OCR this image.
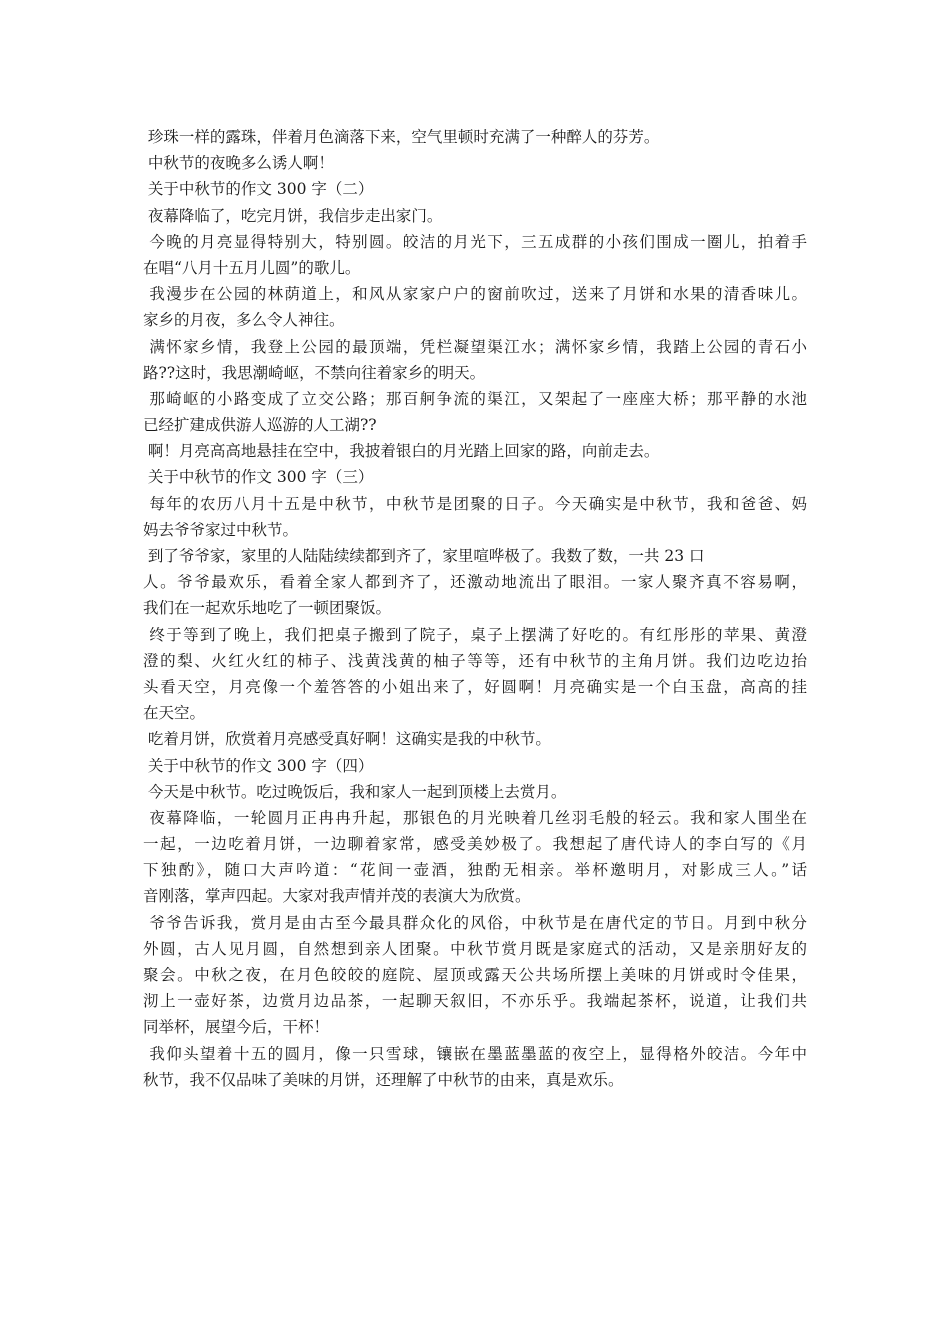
珍珠一样的露珠，伴着月色滴落下来，空气里顿时充满了一种醉人的芬芳。
中秋节的夜晚多么诱人啊！
关于中秋节的作文 300 字（二）
夜幕降临了，吃完月饼，我信步走出家门。
今晚的月亮显得特别大，特别圆。皎洁的月光下，三五成群的小孩们围成一圈儿，拍着手
在唱“八月十五月儿圆”的歌儿。
我漫步在公园的林荫道上，和风从家家户户的窗前吹过，送来了月饼和水果的清香味儿。
家乡的月夜，多么令人神往。
满怀家乡情，我登上公园的最顶端，凭栏凝望渠江水；满怀家乡情，我踏上公园的青石小
路??这时，我思潮崎岖，不禁向往着家乡的明天。
那崎岖的小路变成了立交公路；那百舸争流的渠江，又架起了一座座大桥；那平静的水池
已经扩建成供游人巡游的人工湖??
啊！月亮高高地悬挂在空中，我披着银白的月光踏上回家的路，向前走去。
关于中秋节的作文 300 字（三）
每年的农历八月十五是中秋节，中秋节是团聚的日子。今天确实是中秋节，我和爸爸、妈
妈去爷爷家过中秋节。
到了爷爷家，家里的人陆陆续续都到齐了，家里喧哗极了。我数了数，一共 23 口
人。爷爷最欢乐，看着全家人都到齐了，还激动地流出了眼泪。一家人聚齐真不容易啊，
我们在一起欢乐地吃了一顿团聚饭。
终于等到了晚上，我们把桌子搬到了院子，桌子上摆满了好吃的。有红彤彤的苹果、黄澄
澄的梨、火红火红的柿子、浅黄浅黄的柚子等等，还有中秋节的主角月饼。我们边吃边抬
头看天空，月亮像一个羞答答的小姐出来了，好圆啊！月亮确实是一个白玉盘，高高的挂
在天空。
吃着月饼，欣赏着月亮感受真好啊！这确实是我的中秋节。
关于中秋节的作文 300 字（四）
今天是中秋节。吃过晚饭后，我和家人一起到顶楼上去赏月。
夜幕降临，一轮圆月正冉冉升起，那银色的月光映着几丝羽毛般的轻云。我和家人围坐在
一起，一边吃着月饼，一边聊着家常，感受美妙极了。我想起了唐代诗人的李白写的《月
下独酌》，随口大声吟道：“花间一壶酒，独酌无相亲。举杯邀明月，对影成三人。”话
音刚落，掌声四起。大家对我声情并茂的表演大为欣赏。
爷爷告诉我，赏月是由古至今最具群众化的风俗，中秋节是在唐代定的节日。月到中秋分
外圆，古人见月圆，自然想到亲人团聚。中秋节赏月既是家庭式的活动，又是亲朋好友的
聚会。中秋之夜，在月色皎皎的庭院、屋顶或露天公共场所摆上美味的月饼或时令佳果，
沏上一壶好茶，边赏月边品茶，一起聊天叙旧，不亦乐乎。我端起茶杯，说道，让我们共
同举杯，展望今后，干杯！
我仰头望着十五的圆月，像一只雪球，镶嵌在墨蓝墨蓝的夜空上，显得格外皎洁。今年中
秋节，我不仅品味了美味的月饼，还理解了中秋节的由来，真是欢乐。
